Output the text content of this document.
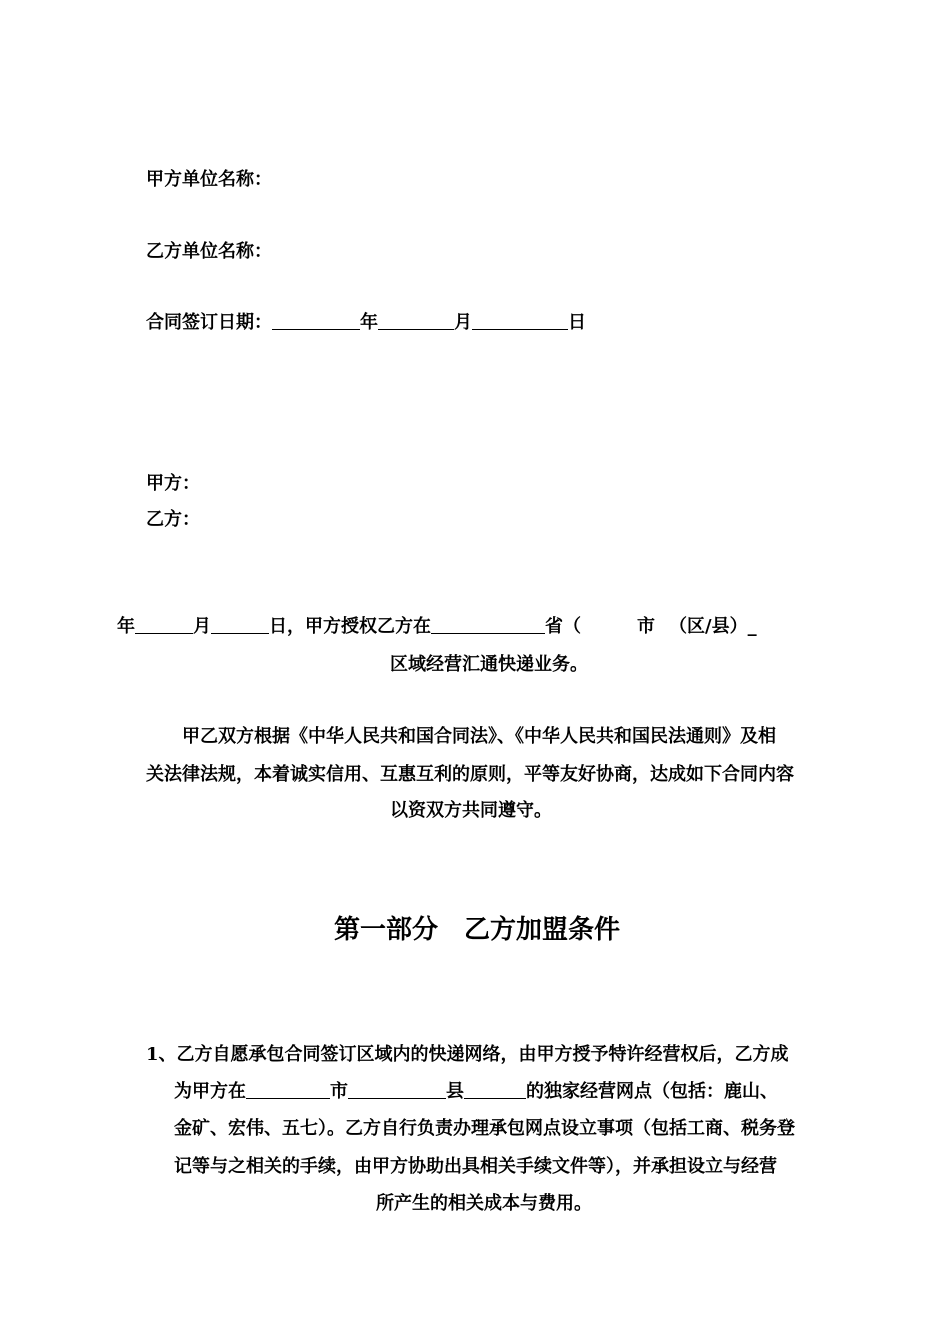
甲方单位名称：
乙方单位名称：
合同签订日期：	年	月	日
甲方：
乙方：
年	月	日，甲方授权乙方在	省（	市 （区/县）_
区域经营汇通快递业务。
甲乙双方根据《中华人民共和国合同法》、《中华人民共和国民法通则》及相
关法律法规，本着诚实信用、互惠互利的原则，平等友好协商，达成如下合同内容
以资双方共同遵守。
第一部分　乙方加盟条件
1、乙方自愿承包合同签订区域内的快递网络，由甲方授予特许经营权后，乙方成
为甲方在	市	县	的独家经营网点（包括：鹿山、
金矿、宏伟、五七）。乙方自行负责办理承包网点设立事项（包括工商、税务登
记等与之相关的手续，由甲方协助出具相关手续文件等），并承担设立与经营
所产生的相关成本与费用。
